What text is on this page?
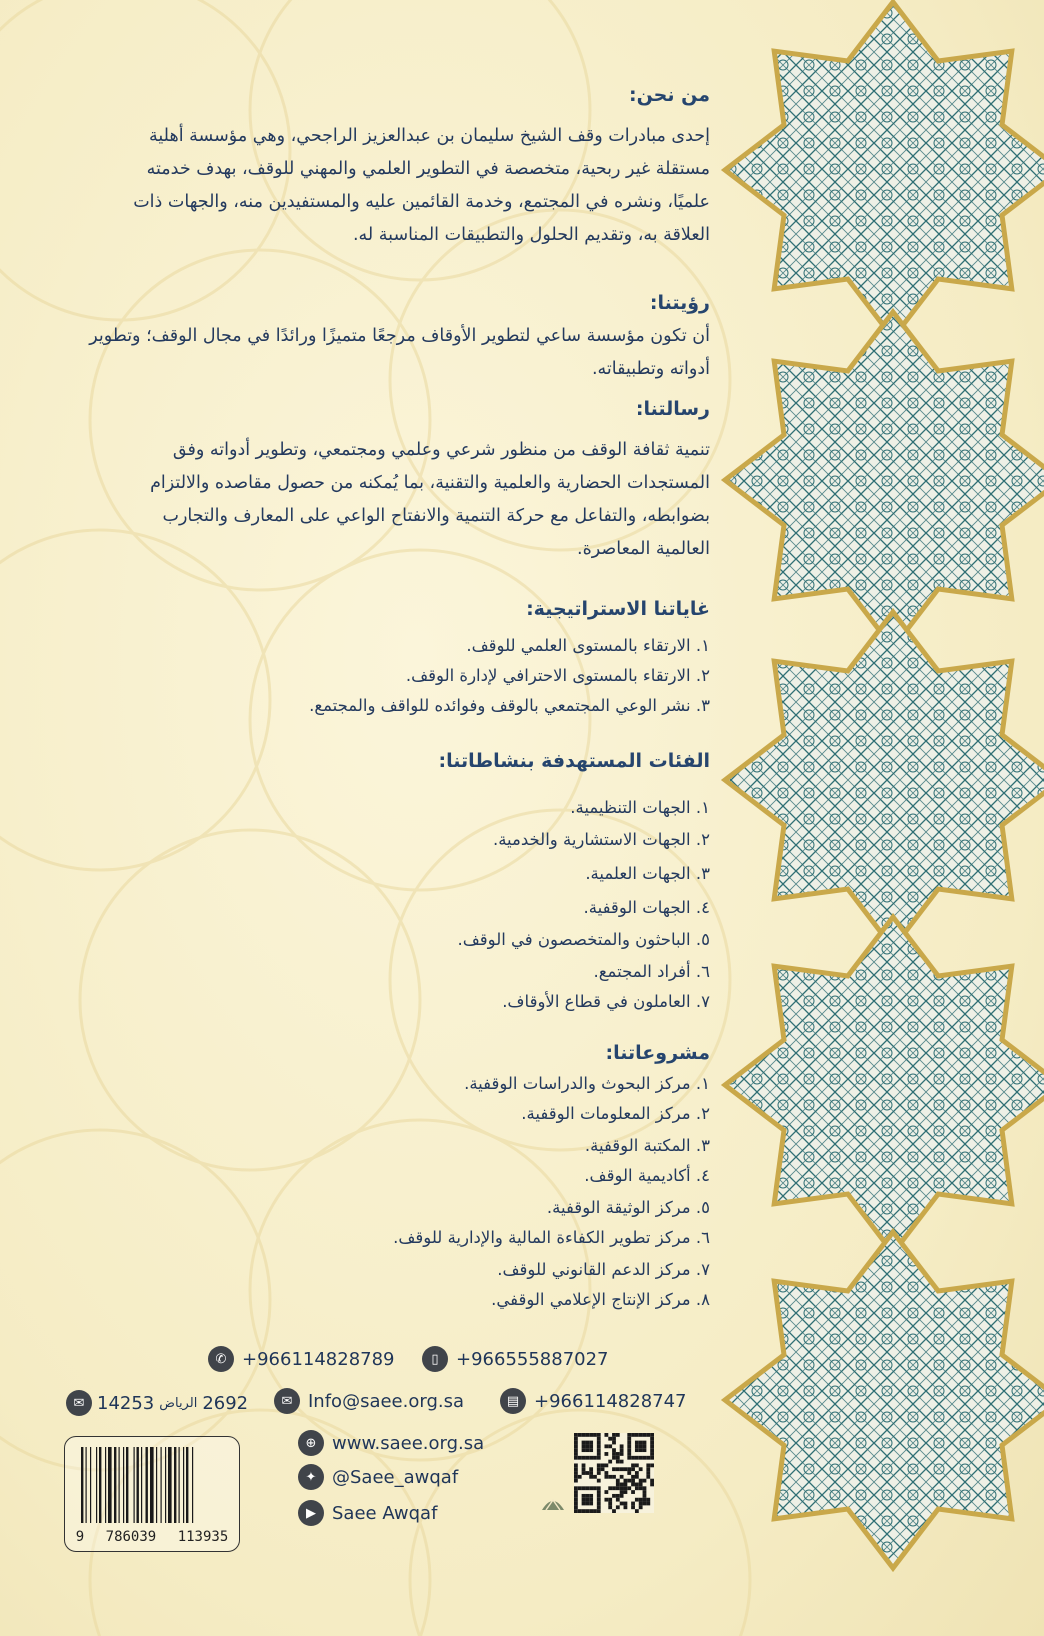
من نحن:
إحدى مبادرات وقف الشيخ سليمان بن عبدالعزيز الراجحي، وهي مؤسسة أهلية
مستقلة غير ربحية، متخصصة في التطوير العلمي والمهني للوقف، بهدف خدمته
علميًا، ونشره في المجتمع، وخدمة القائمين عليه والمستفيدين منه، والجهات ذات
العلاقة به، وتقديم الحلول والتطبيقات المناسبة له.
رؤيتنا:
أن تكون مؤسسة ساعي لتطوير الأوقاف مرجعًا متميزًا ورائدًا في مجال الوقف؛ وتطوير
أدواته وتطبيقاته.
رسالتنا:
تنمية ثقافة الوقف من منظور شرعي وعلمي ومجتمعي، وتطوير أدواته وفق
المستجدات الحضارية والعلمية والتقنية، بما يُمكنه من حصول مقاصده والالتزام
بضوابطه، والتفاعل مع حركة التنمية والانفتاح الواعي على المعارف والتجارب
العالمية المعاصرة.
غاياتنا الاستراتيجية:
١. الارتقاء بالمستوى العلمي للوقف.
٢. الارتقاء بالمستوى الاحترافي لإدارة الوقف.
٣. نشر الوعي المجتمعي بالوقف وفوائده للواقف والمجتمع.
الفئات المستهدفة بنشاطاتنا:
١. الجهات التنظيمية.
٢. الجهات الاستشارية والخدمية.
٣. الجهات العلمية.
٤. الجهات الوقفية.
٥. الباحثون والمتخصصون في الوقف.
٦. أفراد المجتمع.
٧. العاملون في قطاع الأوقاف.
مشروعاتنا:
١. مركز البحوث والدراسات الوقفية.
٢. مركز المعلومات الوقفية.
٣. المكتبة الوقفية.
٤. أكاديمية الوقف.
٥. مركز الوثيقة الوقفية.
٦. مركز تطوير الكفاءة المالية والإدارية للوقف.
٧. مركز الدعم القانوني للوقف.
٨. مركز الإنتاج الإعلامي الوقفي.
▯ +966555887027
✆ +966114828789
▤ +966114828747
✉ Info@saee.org.sa
✉ 14253 الرياض 2692
⊕ www.saee.org.sa
✦ @Saee_awqaf
▶ Saee Awqaf
9 786039 113935
